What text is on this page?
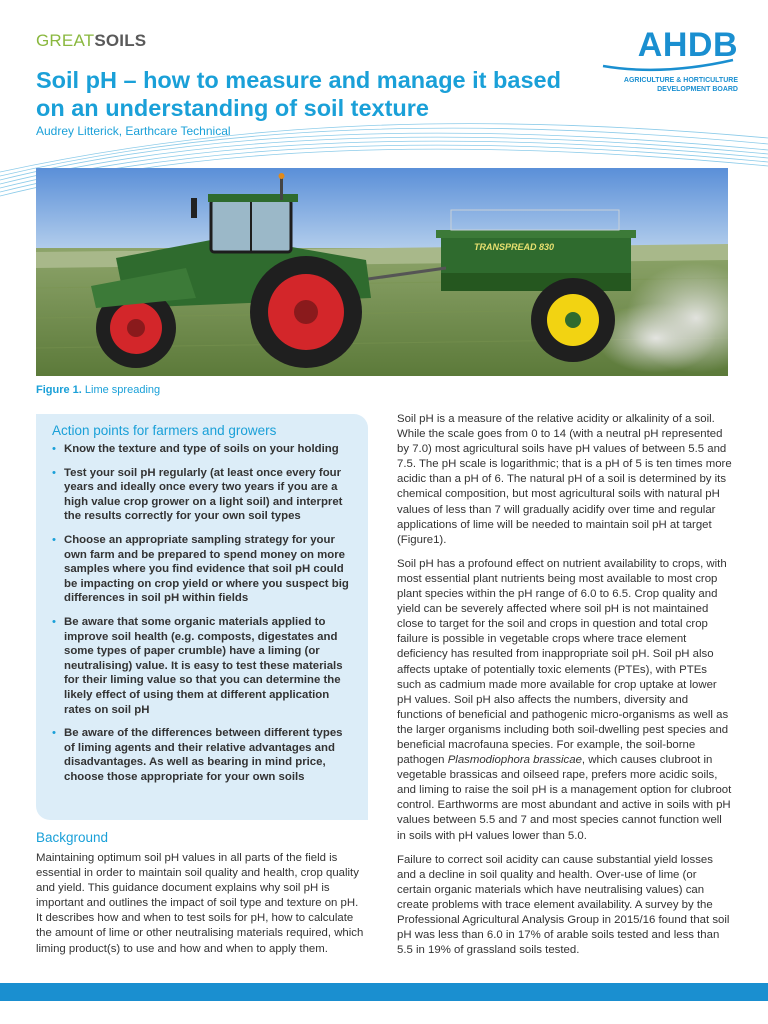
GREATSOILS
Soil pH – how to measure and manage it based on an understanding of soil texture
Audrey Litterick, Earthcare Technical
AHDB
AGRICULTURE & HORTICULTURE
DEVELOPMENT BOARD
TRANSPREAD 830
Figure 1. Lime spreading
Action points for farmers and growers
• Know the texture and type of soils on your holding
• Test your soil pH regularly (at least once every four years and ideally once every two years if you are a high value crop grower on a light soil) and interpret the results correctly for your own soil types
• Choose an appropriate sampling strategy for your own farm and be prepared to spend money on more samples where you find evidence that soil pH could be impacting on crop yield or where you suspect big differences in soil pH within fields
• Be aware that some organic materials applied to improve soil health (e.g. composts, digestates and some types of paper crumble) have a liming (or neutralising) value. It is easy to test these materials for their liming value so that you can determine the likely effect of using them at different application rates on soil pH
• Be aware of the differences between different types of liming agents and their relative advantages and disadvantages. As well as bearing in mind price, choose those appropriate for your own soils
Background

Maintaining optimum soil pH values in all parts of the field is essential in order to maintain soil quality and health, crop quality and yield. This guidance document explains why soil pH is important and outlines the impact of soil type and texture on pH. It describes how and when to test soils for pH, how to calculate the amount of lime or other neutralising materials required, which liming product(s) to use and how and when to apply them.

Soil pH is a measure of the relative acidity or alkalinity of a soil. While the scale goes from 0 to 14 (with a neutral pH represented by 7.0) most agricultural soils have pH values of between 5.5 and 7.5. The pH scale is logarithmic; that is a pH of 5 is ten times more acidic than a pH of 6. The natural pH of a soil is determined by its chemical composition, but most agricultural soils with natural pH values of less than 7 will gradually acidify over time and regular applications of lime will be needed to maintain soil pH at target (Figure1).

Soil pH has a profound effect on nutrient availability to crops, with most essential plant nutrients being most available to most crop plant species within the pH range of 6.0 to 6.5. Crop quality and yield can be severely affected where soil pH is not maintained close to target for the soil and crops in question and total crop failure is possible in vegetable crops where trace element deficiency has resulted from inappropriate soil pH. Soil pH also affects uptake of potentially toxic elements (PTEs), with PTEs such as cadmium made more available for crop uptake at lower pH values. Soil pH also affects the numbers, diversity and functions of beneficial and pathogenic micro-organisms as well as the larger organisms including both soil-dwelling pest species and beneficial macrofauna species. For example, the soil-borne pathogen Plasmodiophora brassicae, which causes clubroot in vegetable brassicas and oilseed rape, prefers more acidic soils, and liming to raise the soil pH is a management option for clubroot control. Earthworms are most abundant and active in soils with pH values between 5.5 and 7 and most species cannot function well in soils with pH values lower than 5.0.

Failure to correct soil acidity can cause substantial yield losses and a decline in soil quality and health. Over-use of lime (or certain organic materials which have neutralising values) can create problems with trace element availability. A survey by the Professional Agricultural Analysis Group in 2015/16 found that soil pH was less than 6.0 in 17% of arable soils tested and less than 5.5 in 19% of grassland soils tested.
